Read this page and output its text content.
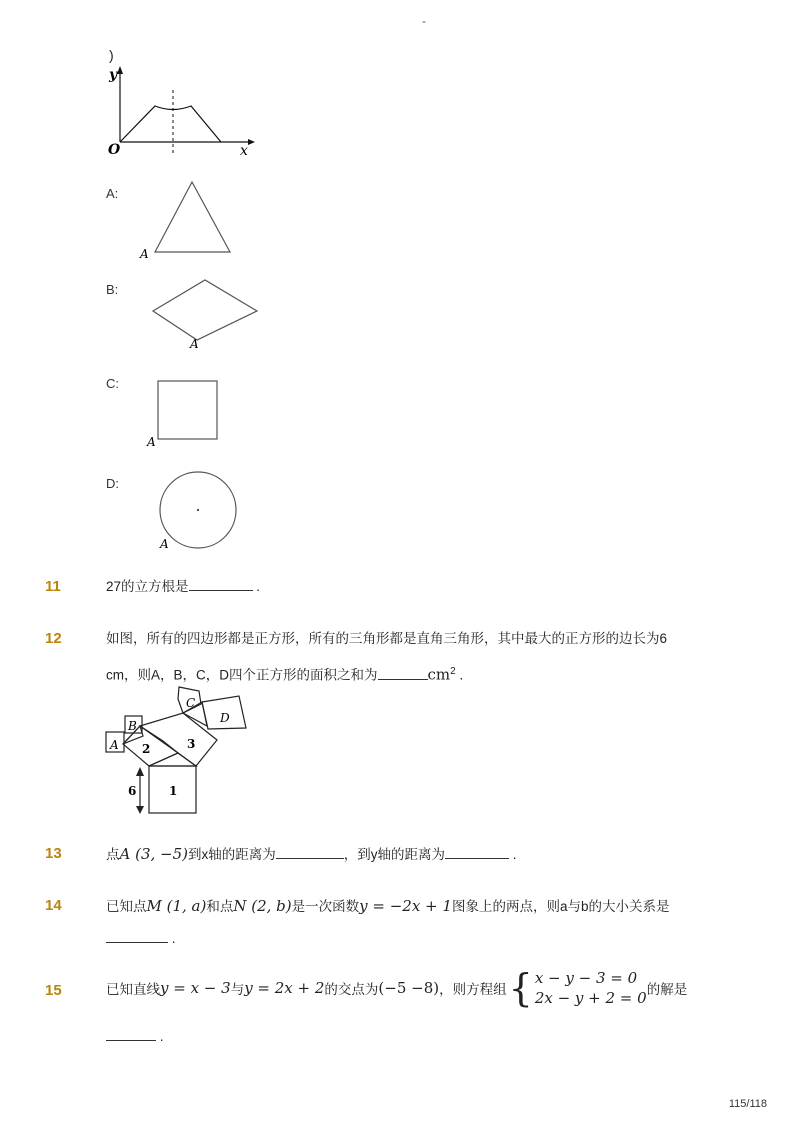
-
)
O
y
x
A:
A
B:
A
C:
A
D:
A
11	27的立方根是	.
12	如图，所有的四边形都是正方形，所有的三角形都是直角三角形，其中最大的正方形的边长为6
cm，则A，B，C，D四个正方形的面积之和为	$cm^2$ .
A
B
C
D
1
2	3
6
13	点A (3, −5)到x轴的距离为	，到y轴的距离为	.
14	已知点M (1, a)和点N (2, b)是一次函数y = −2x + 1图象上的两点，则a与b的大小关系是
.
15	已知直线y = x − 3与y = 2x + 2的交点为(−5 −8)，则方程组{ x − y − 3 = 0
2x − y + 2 = 0的解是
.
115/118
